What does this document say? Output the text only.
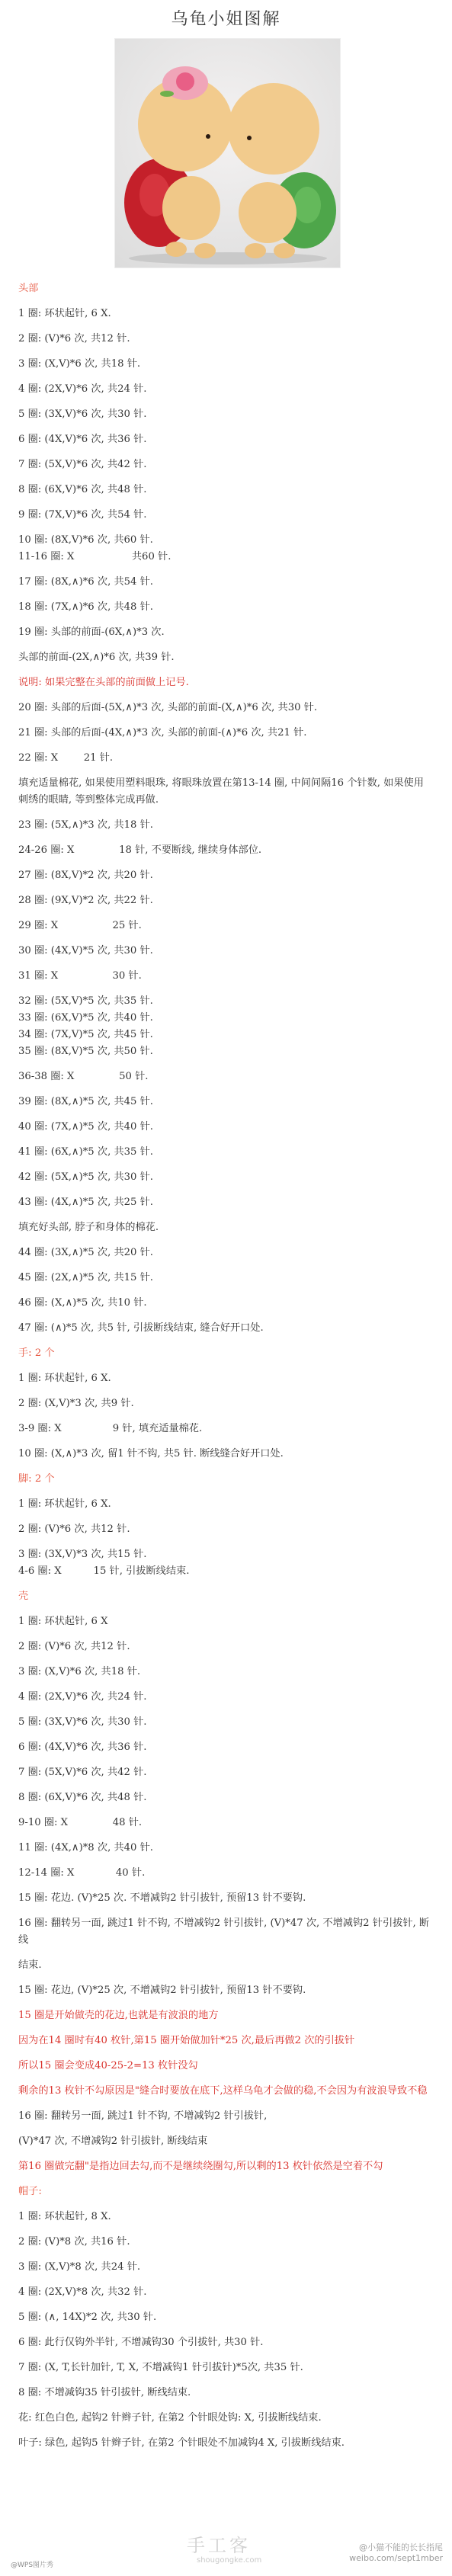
乌龟小姐图解
头部
1 圈: 环状起针, 6 X.
2 圈: (V)*6 次, 共12 针.
3 圈: (X,V)*6 次, 共18 针.
4 圈: (2X,V)*6 次, 共24 针.
5 圈: (3X,V)*6 次, 共30 针.
6 圈: (4X,V)*6 次, 共36 针.
7 圈: (5X,V)*6 次, 共42 针.
8 圈: (6X,V)*6 次, 共48 针.
9 圈: (7X,V)*6 次, 共54 针.
10 圈: (8X,V)*6 次, 共60 针.
11-16 圈: X                  共60 针.
17 圈: (8X,∧)*6 次, 共54 针.
18 圈: (7X,∧)*6 次, 共48 针.
19 圈: 头部的前面-(6X,∧)*3 次.
头部的前面-(2X,∧)*6 次, 共39 针.
说明: 如果完整在头部的前面做上记号.
20 圈: 头部的后面-(5X,∧)*3 次, 头部的前面-(X,∧)*6 次, 共30 针.
21 圈: 头部的后面-(4X,∧)*3 次, 头部的前面-(∧)*6 次, 共21 针.
22 圈: X        21 针.
填充适量棉花, 如果使用塑料眼珠, 将眼珠放置在第13-14 圈, 中间间隔16 个针数, 如果使用刺绣的眼睛, 等到整体完成再做.
23 圈: (5X,∧)*3 次, 共18 针.
24-26 圈: X              18 针, 不要断线, 继续身体部位.
27 圈: (8X,V)*2 次, 共20 针.
28 圈: (9X,V)*2 次, 共22 针.
29 圈: X                 25 针.
30 圈: (4X,V)*5 次, 共30 针.
31 圈: X                 30 针.
32 圈: (5X,V)*5 次, 共35 针.
33 圈: (6X,V)*5 次, 共40 针.
34 圈: (7X,V)*5 次, 共45 针.
35 圈: (8X,V)*5 次, 共50 针.
36-38 圈: X              50 针.
39 圈: (8X,∧)*5 次, 共45 针.
40 圈: (7X,∧)*5 次, 共40 针.
41 圈: (6X,∧)*5 次, 共35 针.
42 圈: (5X,∧)*5 次, 共30 针.
43 圈: (4X,∧)*5 次, 共25 针.
填充好头部, 脖子和身体的棉花.
44 圈: (3X,∧)*5 次, 共20 针.
45 圈: (2X,∧)*5 次, 共15 针.
46 圈: (X,∧)*5 次, 共10 针.
47 圈: (∧)*5 次, 共5 针, 引拔断线结束, 缝合好开口处.
手: 2 个
1 圈: 环状起针, 6 X.
2 圈: (X,V)*3 次, 共9 针.
3-9 圈: X                9 针, 填充适量棉花.
10 圈: (X,∧)*3 次, 留1 针不钩, 共5 针. 断线缝合好开口处.
脚: 2 个
1 圈: 环状起针, 6 X.
2 圈: (V)*6 次, 共12 针.
3 圈: (3X,V)*3 次, 共15 针.
4-6 圈: X          15 针, 引拔断线结束.
壳
1 圈: 环状起针, 6 X
2 圈: (V)*6 次, 共12 针.
3 圈: (X,V)*6 次, 共18 针.
4 圈: (2X,V)*6 次, 共24 针.
5 圈: (3X,V)*6 次, 共30 针.
6 圈: (4X,V)*6 次, 共36 针.
7 圈: (5X,V)*6 次, 共42 针.
8 圈: (6X,V)*6 次, 共48 针.
9-10 圈: X              48 针.
11 圈: (4X,∧)*8 次, 共40 针.
12-14 圈: X             40 针.
15 圈: 花边. (V)*25 次. 不增减钩2 针引拔针, 预留13 针不要钩.
16 圈: 翻转另一面, 跳过1 针不钩, 不增减钩2 针引拔针, (V)*47 次, 不增减钩2 针引拔针, 断线
结束.
15 圈: 花边, (V)*25 次, 不增减钩2 针引拔针, 预留13 针不要钩.
15 圈是开始做壳的花边,也就是有波浪的地方
因为在14 圈时有40 枚针,第15 圈开始做加针*25 次,最后再做2 次的引拔针
所以15 圈会变成40-25-2=13 枚针没勾
剩余的13 枚针不勾原因是"缝合时要放在底下,这样乌龟才会做的稳,不会因为有波浪导致不稳
16 圈: 翻转另一面, 跳过1 针不钩, 不增减钩2 针引拔针,
(V)*47 次, 不增减钩2 针引拔针, 断线结束
第16 圈做完翻"是指边回去勾,而不是继续绕圈勾,所以剩的13 枚针依然是空着不勾
帽子:
1 圈: 环状起针, 8 X.
2 圈: (V)*8 次, 共16 针.
3 圈: (X,V)*8 次, 共24 针.
4 圈: (2X,V)*8 次, 共32 针.
5 圈: (∧, 14X)*2 次, 共30 针.
6 圈: 此行仅钩外半针, 不增减钩30 个引拔针, 共30 针.
7 圈: (X, T,长针加针, T, X, 不增减钩1 针引拔针)*5次, 共35 针.
8 圈: 不增减钩35 针引拔针, 断线结束.
花: 红色白色, 起钩2 针辫子针, 在第2 个针眼处钩: X, 引拔断线结束.
叶子: 绿色, 起钩5 针辫子针, 在第2 个针眼处不加减钩4 X, 引拔断线结束.
手工客
shougongke.com
@WPS图片秀
@小猫不能的长长指尾
weibo.com/sept1mber
